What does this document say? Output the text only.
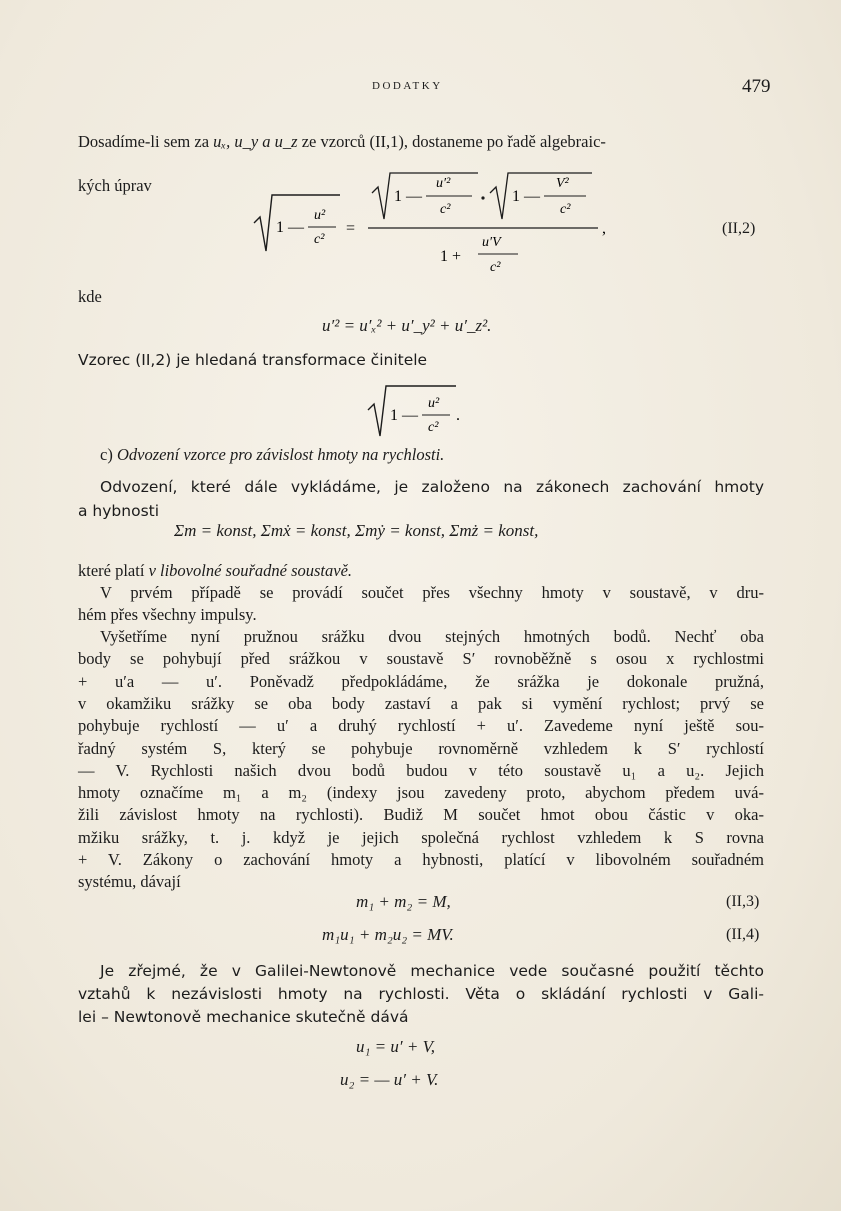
DODATKY	479
Dosadíme-li sem za uₓ, u_y a u_z ze vzorců (II,1), dostaneme po řadě algebraic-
kých úprav
1 —
u²
c²
=
1 —
u′²
c²
1 —
V²
c²
1 +
u′V
c²
,	(II,2)
kde
u′² = u′ₓ² + u′_y² + u′_z².
Vzorec (II,2) je hledaná transformace činitele
1 —
u²
c²
.
c) Odvození vzorce pro závislost hmoty na rychlosti.
Odvození, které dále vykládáme, je založeno na zákonech zachování hmoty
a hybnosti
Σm = konst, Σmẋ = konst, Σmẏ = konst, Σmż = konst,
které platí v libovolné souřadné soustavě.
V prvém případě se provádí součet přes všechny hmoty v soustavě, v dru-
hém přes všechny impulsy.
Vyšetříme nyní pružnou srážku dvou stejných hmotných bodů. Nechť oba
body se pohybují před srážkou v soustavě S′ rovnoběžně s osou x rychlostmi
+ u′a — u′. Poněvadž předpokládáme, že srážka je dokonale pružná,
v okamžiku srážky se oba body zastaví a pak si vymění rychlost; prvý se
pohybuje rychlostí — u′ a druhý rychlostí + u′. Zavedeme nyní ještě sou-
řadný systém S, který se pohybuje rovnoměrně vzhledem k S′ rychlostí
— V. Rychlosti našich dvou bodů budou v této soustavě u₁ a u₂. Jejich
hmoty označíme m₁ a m₂ (indexy jsou zavedeny proto, abychom předem uvá-
žili závislost hmoty na rychlosti). Budiž M součet hmot obou částic v oka-
mžiku srážky, t. j. když je jejich společná rychlost vzhledem k S rovna
+ V. Zákony o zachování hmoty a hybnosti, platící v libovolném souřadném
systému, dávají
m₁ + m₂ = M,	(II,3)
m₁u₁ + m₂u₂ = MV.	(II,4)
Je zřejmé, že v Galilei-Newtonově mechanice vede současné použití těchto
vztahů k nezávislosti hmoty na rychlosti. Věta o skládání rychlosti v Gali-
lei – Newtonově mechanice skutečně dává
u₁ = u′ + V,
u₂ = — u′ + V.
